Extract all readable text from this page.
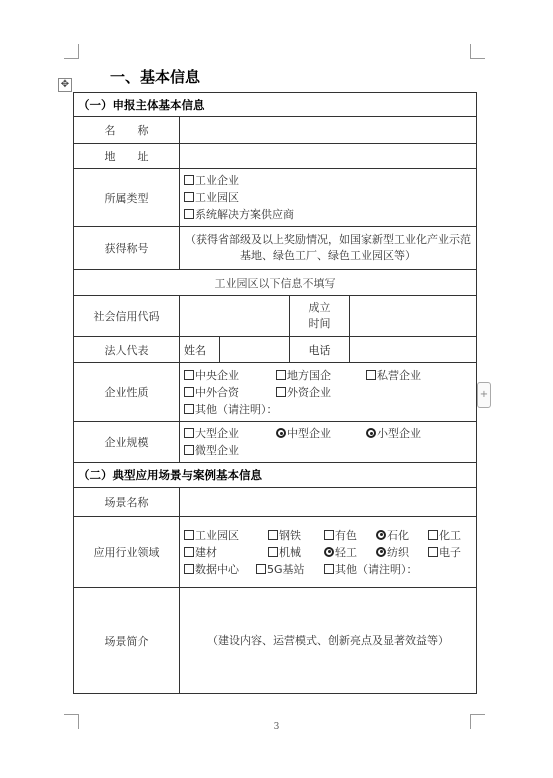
✥
+
一、基本信息
（一）申报主体基本信息				
名　　称				
地　　址				
所属类型	工业企业
工业园区
系统解决方案供应商			

获得称号	（获得省部级及以上奖励情况，如国家新型工业化产业示范基地、绿色工厂、绿色工业园区等）			
工业园区以下信息不填写				
社会信用代码			成立时间	
法人代表	姓名		电话	
企业性质	中央企业 地方国企 私营企业
中外合资 外资企业
其他（请注明）：			

企业规模	大型企业 中型企业 小型企业
微型企业			

（二）典型应用场景与案例基本信息				
场景名称				
应用行业领域	工业园区 钢铁 有色 石化 化工
建材 机械 轻工 纺织 电子
数据中心 5G基站 其他（请注明）：			

场景简介	（建设内容、运营模式、创新亮点及显著效益等）			
3
